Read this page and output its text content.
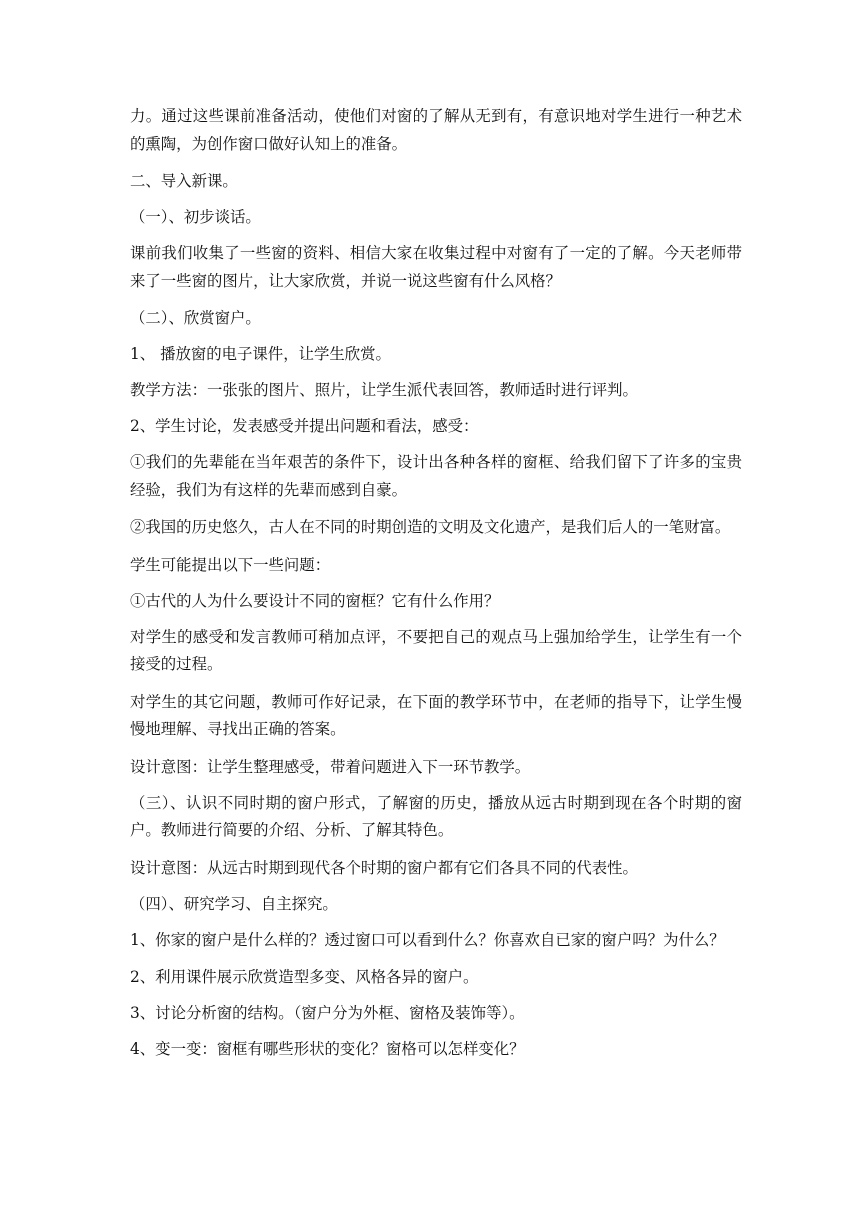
力。通过这些课前准备活动，使他们对窗的了解从无到有，有意识地对学生进行一种艺术的熏陶，为创作窗口做好认知上的准备。

二、导入新课。

（一）、初步谈话。

课前我们收集了一些窗的资料、相信大家在收集过程中对窗有了一定的了解。今天老师带来了一些窗的图片，让大家欣赏，并说一说这些窗有什么风格？

（二）、欣赏窗户。

1、 播放窗的电子课件，让学生欣赏。

教学方法：一张张的图片、照片，让学生派代表回答，教师适时进行评判。

2、学生讨论，发表感受并提出问题和看法，感受：

①我们的先辈能在当年艰苦的条件下，设计出各种各样的窗框、给我们留下了许多的宝贵经验，我们为有这样的先辈而感到自豪。

②我国的历史悠久，古人在不同的时期创造的文明及文化遗产，是我们后人的一笔财富。

学生可能提出以下一些问题：

①古代的人为什么要设计不同的窗框？它有什么作用？

对学生的感受和发言教师可稍加点评，不要把自己的观点马上强加给学生，让学生有一个接受的过程。

对学生的其它问题，教师可作好记录，在下面的教学环节中，在老师的指导下，让学生慢慢地理解、寻找出正确的答案。

设计意图：让学生整理感受，带着问题进入下一环节教学。

（三）、认识不同时期的窗户形式，了解窗的历史，播放从远古时期到现在各个时期的窗户。教师进行简要的介绍、分析、了解其特色。

设计意图：从远古时期到现代各个时期的窗户都有它们各具不同的代表性。

（四）、研究学习、自主探究。

1、你家的窗户是什么样的？透过窗口可以看到什么？你喜欢自已家的窗户吗？为什么？

2、利用课件展示欣赏造型多变、风格各异的窗户。

3、讨论分析窗的结构。（窗户分为外框、窗格及装饰等）。

4、变一变：窗框有哪些形状的变化？窗格可以怎样变化？
